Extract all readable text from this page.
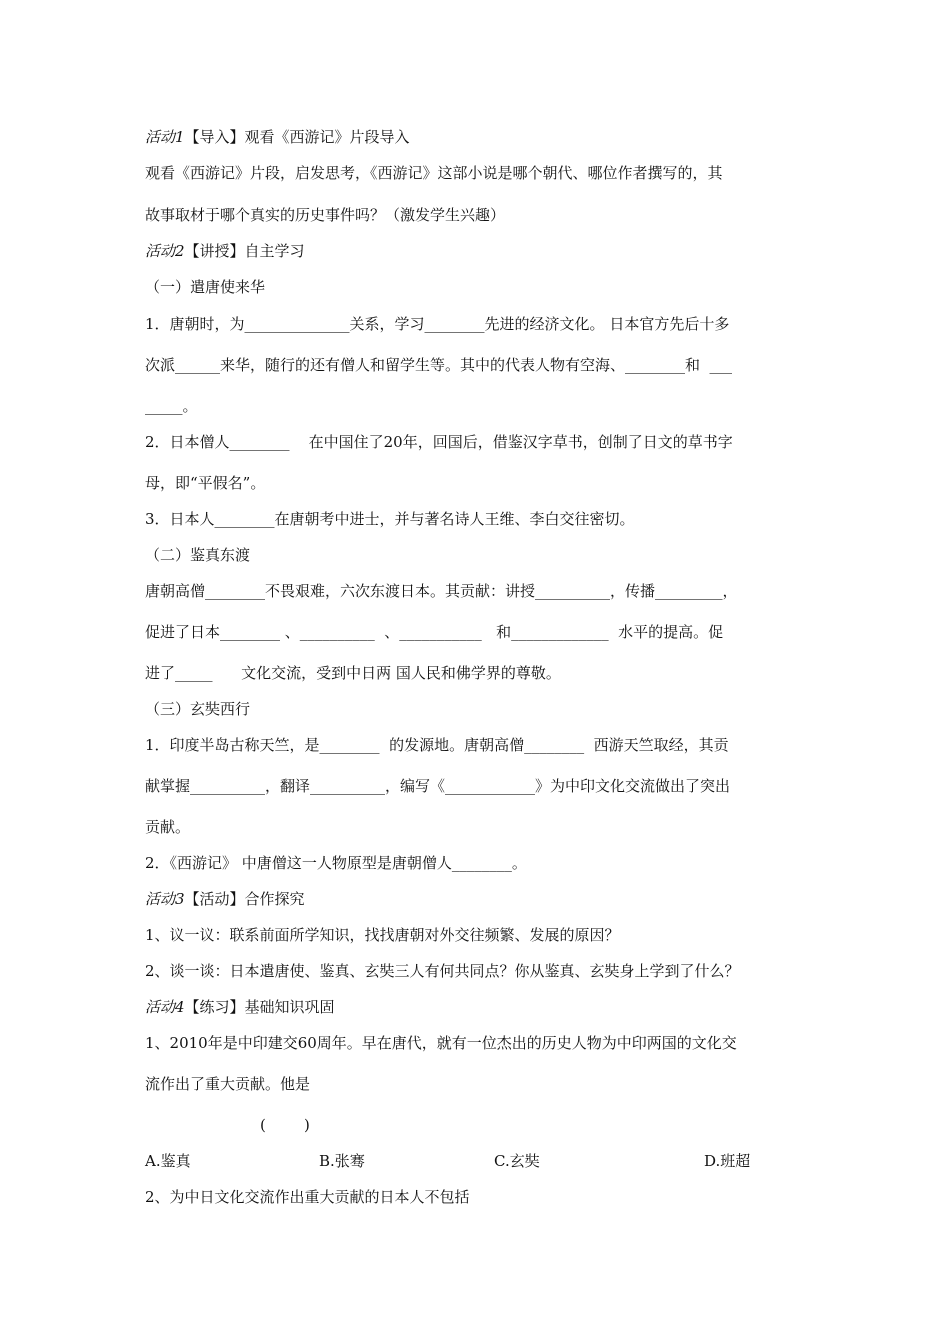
活动1【导入】观看《西游记》片段导入
观看《西游记》片段，启发思考，《西游记》这部小说是哪个朝代、哪位作者撰写的，其
故事取材于哪个真实的历史事件吗？（激发学生兴趣）
活动2【讲授】自主学习
（一）遣唐使来华
1．唐朝时，为______________关系，学习________先进的经济文化。 日本官方先后十多
次派______来华，随行的还有僧人和留学生等。其中的代表人物有空海、________和  ___
_____。
2．日本僧人________    在中国住了20年，回国后，借鉴汉字草书，创制了日文的草书字
母，即“平假名”。
3．日本人________在唐朝考中进士，并与著名诗人王维、李白交往密切。
（二）鉴真东渡
唐朝高僧________不畏艰难，六次东渡日本。其贡献：讲授__________，传播_________，
促进了日本________ 、__________  、___________   和_____________  水平的提高。促
进了_____      文化交流，受到中日两 国人民和佛学界的尊敬。
（三）玄奘西行
1．印度半岛古称天竺，是________  的发源地。唐朝高僧________  西游天竺取经，其贡
献掌握__________，翻译__________，编写《____________》为中印文化交流做出了突出
贡献。
2．《西游记》 中唐僧这一人物原型是唐朝僧人________。
活动3【活动】合作探究
1、议一议：联系前面所学知识，找找唐朝对外交往频繁、发展的原因？
2、谈一谈：日本遣唐使、鉴真、玄奘三人有何共同点？你从鉴真、玄奘身上学到了什么？
活动4【练习】基础知识巩固
1、2010年是中印建交60周年。早在唐代，就有一位杰出的历史人物为中印两国的文化交
流作出了重大贡献。他是
(        )
A.鉴真	B.张骞	C.玄奘	D.班超
2、为中日文化交流作出重大贡献的日本人不包括
